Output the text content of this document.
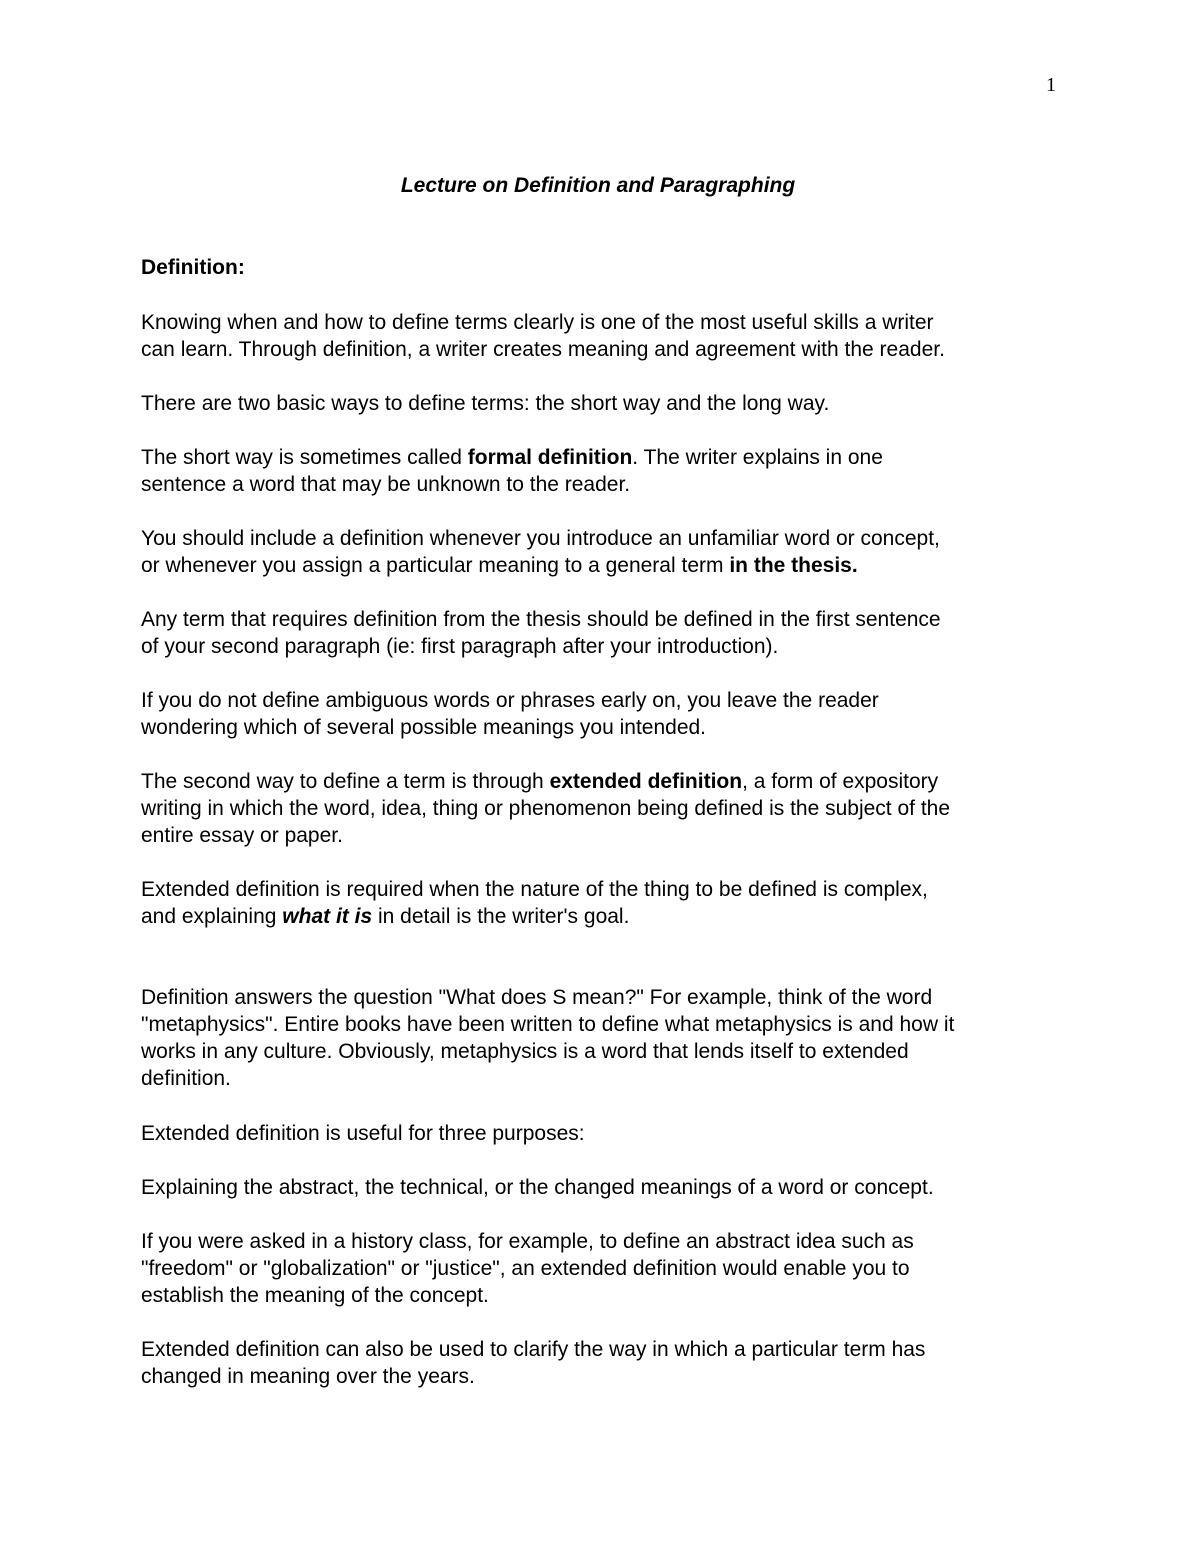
1
Lecture on Definition and Paragraphing
Definition:

Knowing when and how to define terms clearly is one of the most useful skills a writer
can learn. Through definition, a writer creates meaning and agreement with the reader.

There are two basic ways to define terms: the short way and the long way.

The short way is sometimes called formal definition. The writer explains in one
sentence a word that may be unknown to the reader.

You should include a definition whenever you introduce an unfamiliar word or concept,
or whenever you assign a particular meaning to a general term in the thesis.

Any term that requires definition from the thesis should be defined in the first sentence
of your second paragraph (ie: first paragraph after your introduction).

If you do not define ambiguous words or phrases early on, you leave the reader
wondering which of several possible meanings you intended.

The second way to define a term is through extended definition, a form of expository
writing in which the word, idea, thing or phenomenon being defined is the subject of the
entire essay or paper.

Extended definition is required when the nature of the thing to be defined is complex,
and explaining what it is in detail is the writer's goal.

Definition answers the question "What does S mean?" For example, think of the word
"metaphysics". Entire books have been written to define what metaphysics is and how it
works in any culture. Obviously, metaphysics is a word that lends itself to extended
definition.

Extended definition is useful for three purposes:

Explaining the abstract, the technical, or the changed meanings of a word or concept.

If you were asked in a history class, for example, to define an abstract idea such as
"freedom" or "globalization" or "justice", an extended definition would enable you to
establish the meaning of the concept.

Extended definition can also be used to clarify the way in which a particular term has
changed in meaning over the years.
